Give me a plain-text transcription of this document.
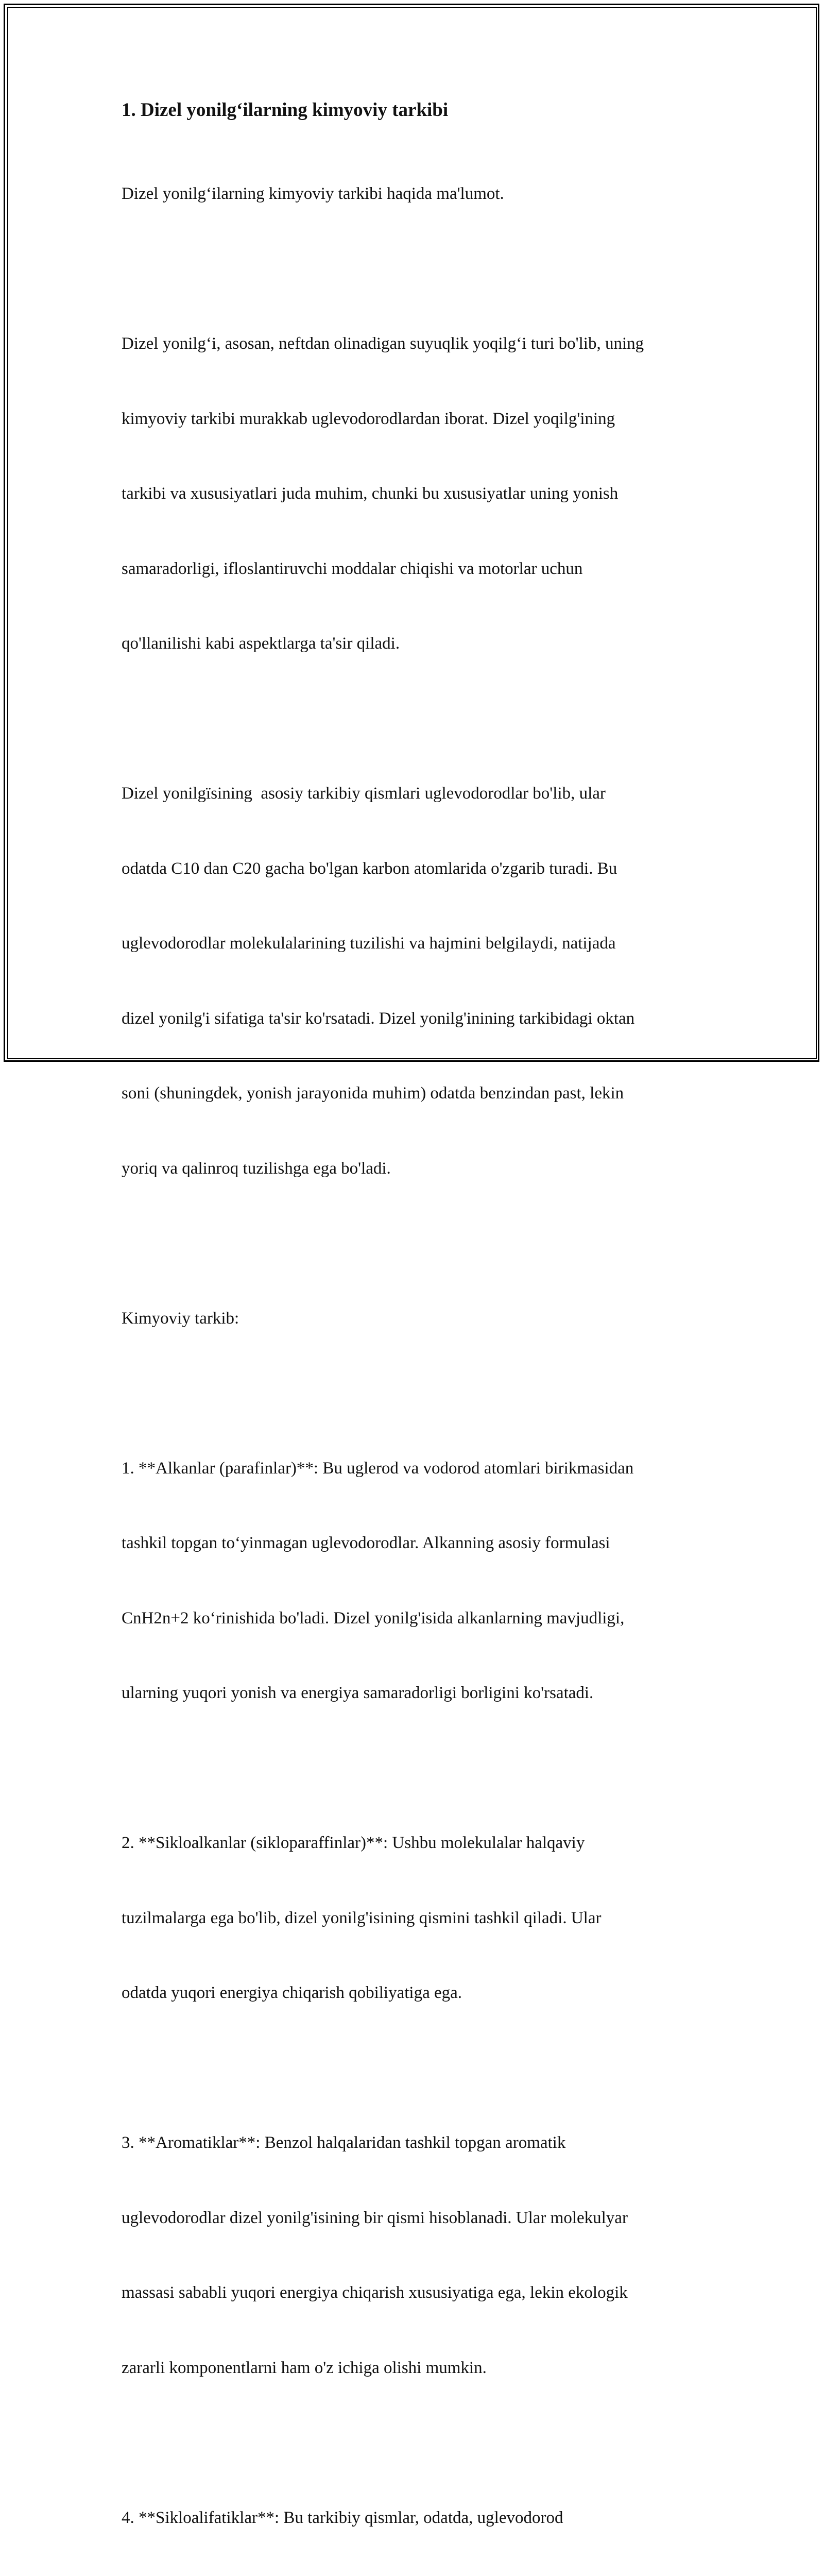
1. Dizel yonilg‘ilarning kimyoviy tarkibi

Dizel yonilg‘ilarning kimyoviy tarkibi haqida ma'lumot.

Dizel yonilg‘i, asosan, neftdan olinadigan suyuqlik yoqilg‘i turi bo'lib, uning

kimyoviy tarkibi murakkab uglevodorodlardan iborat. Dizel yoqilg'ining

tarkibi va xususiyatlari juda muhim, chunki bu xususiyatlar uning yonish

samaradorligi, ifloslantiruvchi moddalar chiqishi va motorlar uchun

qo'llanilishi kabi aspektlarga ta'sir qiladi.

Dizel yonilgïsining  asosiy tarkibiy qismlari uglevodorodlar bo'lib, ular

odatda C10 dan C20 gacha bo'lgan karbon atomlarida o'zgarib turadi. Bu

uglevodorodlar molekulalarining tuzilishi va hajmini belgilaydi, natijada

dizel yonilg'i sifatiga ta'sir ko'rsatadi. Dizel yonilg'inining tarkibidagi oktan

soni (shuningdek, yonish jarayonida muhim) odatda benzindan past, lekin

yoriq va qalinroq tuzilishga ega bo'ladi.

Kimyoviy tarkib:

1. **Alkanlar (parafinlar)**: Bu uglerod va vodorod atomlari birikmasidan

tashkil topgan to‘yinmagan uglevodorodlar. Alkanning asosiy formulasi

CnH2n+2 ko‘rinishida bo'ladi. Dizel yonilg'isida alkanlarning mavjudligi,

ularning yuqori yonish va energiya samaradorligi borligini ko'rsatadi.

2. **Sikloalkanlar (sikloparaffinlar)**: Ushbu molekulalar halqaviy

tuzilmalarga ega bo'lib, dizel yonilg'isining qismini tashkil qiladi. Ular

odatda yuqori energiya chiqarish qobiliyatiga ega.

3. **Aromatiklar**: Benzol halqalaridan tashkil topgan aromatik

uglevodorodlar dizel yonilg'isining bir qismi hisoblanadi. Ular molekulyar

massasi sababli yuqori energiya chiqarish xususiyatiga ega, lekin ekologik

zararli komponentlarni ham o'z ichiga olishi mumkin.

4. **Sikloalifatiklar**: Bu tarkibiy qismlar, odatda, uglevodorod
